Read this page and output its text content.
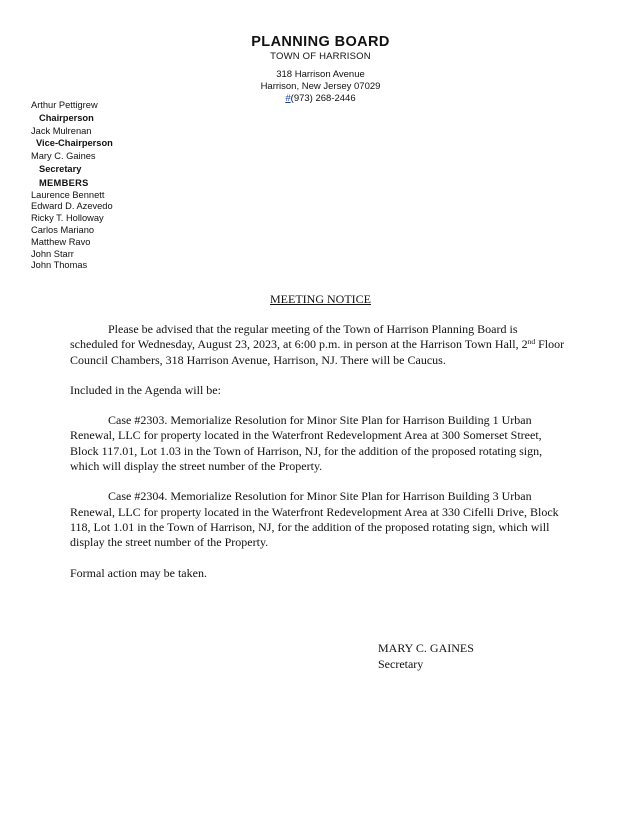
PLANNING BOARD
TOWN OF HARRISON
318 Harrison Avenue
Harrison, New Jersey 07029
#(973) 268-2446
Arthur Pettigrew
Chairperson
Jack Mulrenan
Vice-Chairperson
Mary C. Gaines
Secretary
MEMBERS
Laurence Bennett
Edward D. Azevedo
Ricky T. Holloway
Carlos Mariano
Matthew Ravo
John Starr
John Thomas
MEETING NOTICE

Please be advised that the regular meeting of the Town of Harrison Planning Board is scheduled for Wednesday, August 23, 2023, at 6:00 p.m. in person at the Harrison Town Hall, 2nd Floor Council Chambers, 318 Harrison Avenue, Harrison, NJ. There will be Caucus.

Included in the Agenda will be:

Case #2303. Memorialize Resolution for Minor Site Plan for Harrison Building 1 Urban Renewal, LLC for property located in the Waterfront Redevelopment Area at 300 Somerset Street, Block 117.01, Lot 1.03 in the Town of Harrison, NJ, for the addition of the proposed rotating sign, which will display the street number of the Property.

Case #2304. Memorialize Resolution for Minor Site Plan for Harrison Building 3 Urban Renewal, LLC for property located in the Waterfront Redevelopment Area at 330 Cifelli Drive, Block 118, Lot 1.01 in the Town of Harrison, NJ, for the addition of the proposed rotating sign, which will display the street number of the Property.

Formal action may be taken.

MARY C. GAINES
Secretary
